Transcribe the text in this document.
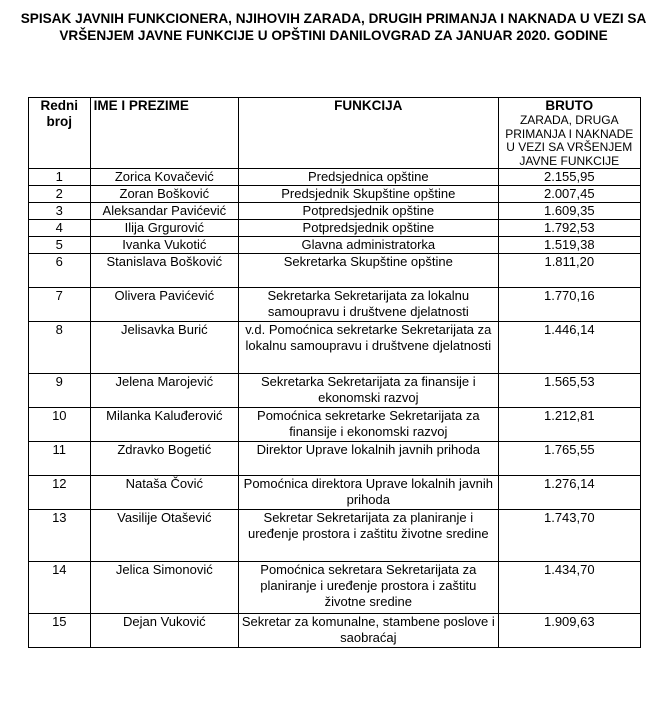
SPISAK JAVNIH FUNKCIONERA, NJIHOVIH ZARADA, DRUGIH PRIMANJA I NAKNADA U VEZI SA VRŠENJEM JAVNE FUNKCIJE U OPŠTINI DANILOVGRAD ZA JANUAR 2020. GODINE
Redni broj	IME I PREZIME	FUNKCIJA	BRUTO
ZARADA, DRUGA PRIMANJA I NAKNADE U VEZI SA VRŠENJEM JAVNE FUNKCIJE

1	Zorica Kovačević	Predsjednica opštine	2.155,95
2	Zoran Bošković	Predsjednik Skupštine opštine	2.007,45
3	Aleksandar Pavićević	Potpredsjednik opštine	1.609,35
4	Ilija Grgurović	Potpredsjednik opštine	1.792,53
5	Ivanka Vukotić	Glavna administratorka	1.519,38
6	Stanislava Bošković	Sekretarka Skupštine opštine	1.811,20
7	Olivera Pavićević	Sekretarka Sekretarijata za lokalnu samoupravu i društvene djelatnosti	1.770,16
8	Jelisavka Burić	v.d. Pomoćnica sekretarke Sekretarijata za lokalnu samoupravu i društvene djelatnosti	1.446,14
9	Jelena Marojević	Sekretarka Sekretarijata za finansije i ekonomski razvoj	1.565,53
10	Milanka Kaluđerović	Pomoćnica sekretarke Sekretarijata za finansije i ekonomski razvoj	1.212,81
11	Zdravko Bogetić	Direktor Uprave lokalnih javnih prihoda	1.765,55
12	Nataša Čović	Pomoćnica direktora Uprave lokalnih javnih prihoda	1.276,14
13	Vasilije Otašević	Sekretar Sekretarijata za planiranje i uređenje prostora i zaštitu životne sredine	1.743,70
14	Jelica Simonović	Pomoćnica sekretara Sekretarijata za planiranje i uređenje prostora i zaštitu životne sredine	1.434,70
15	Dejan Vuković	Sekretar za komunalne, stambene poslove i saobraćaj	1.909,63
